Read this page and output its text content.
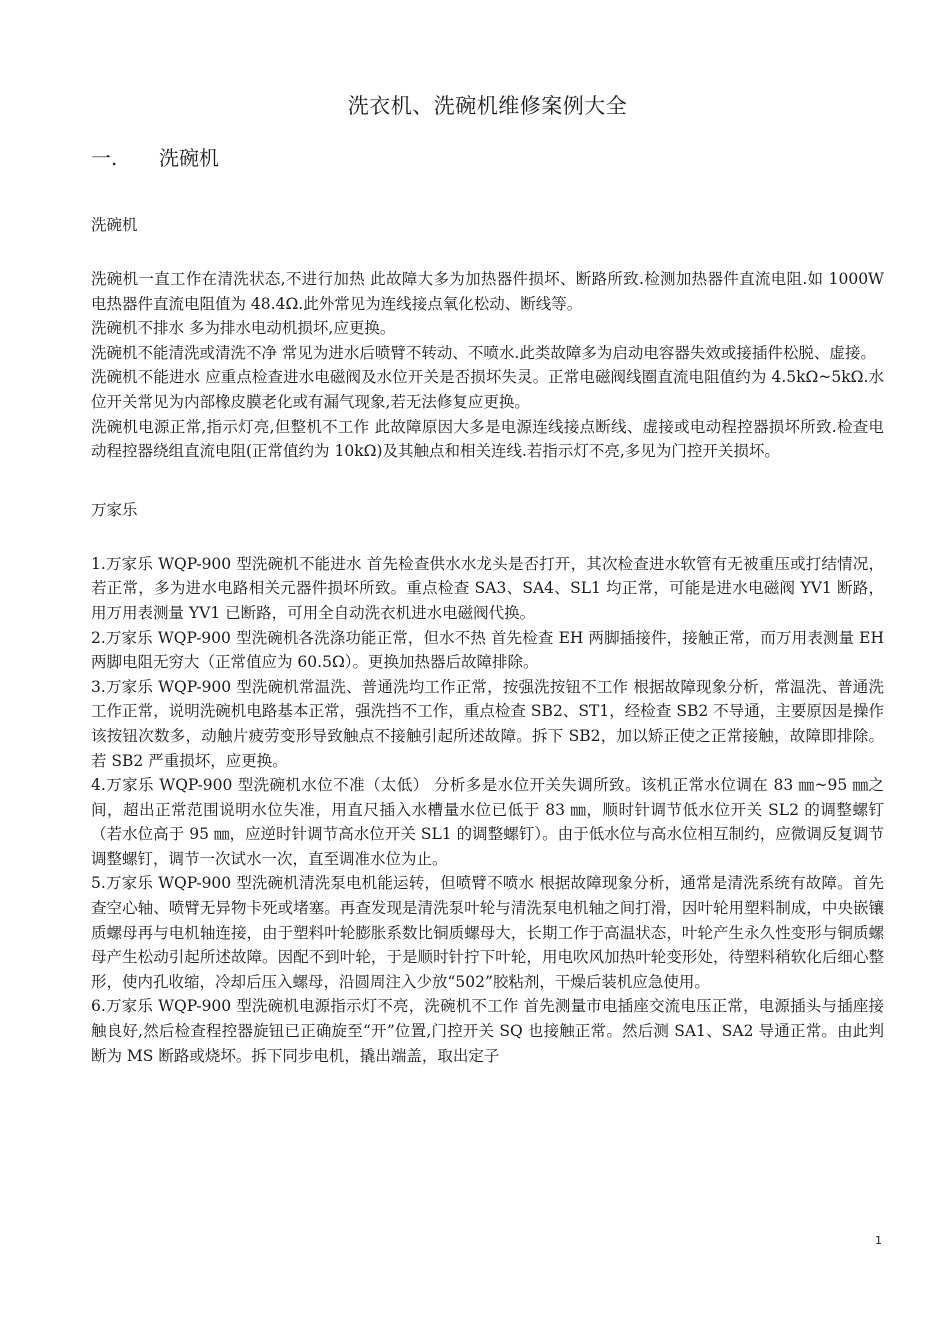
洗衣机、洗碗机维修案例大全
一. 洗碗机
洗碗机

洗碗机一直工作在清洗状态,不进行加热 此故障大多为加热器件损坏、断路所致.检测加热器件直流电阻.如 1000W 电热器件直流电阻值为 48.4Ω.此外常见为连线接点氧化松动、断线等。

洗碗机不排水 多为排水电动机损坏,应更换。

洗碗机不能清洗或清洗不净 常见为进水后喷臂不转动、不喷水.此类故障多为启动电容器失效或接插件松脱、虚接。

洗碗机不能进水 应重点检查进水电磁阀及水位开关是否损坏失灵。正常电磁阀线圈直流电阻值约为 4.5kΩ~5kΩ.水位开关常见为内部橡皮膜老化或有漏气现象,若无法修复应更换。

洗碗机电源正常,指示灯亮,但整机不工作 此故障原因大多是电源连线接点断线、虚接或电动程控器损坏所致.检查电动程控器绕组直流电阻(正常值约为 10kΩ)及其触点和相关连线.若指示灯不亮,多见为门控开关损坏。

万家乐

1.万家乐 WQP-900 型洗碗机不能进水 首先检查供水水龙头是否打开，其次检查进水软管有无被重压或打结情况，若正常，多为进水电路相关元器件损坏所致。重点检查 SA3、SA4、SL1 均正常，可能是进水电磁阀 YV1 断路，用万用表测量 YV1 已断路，可用全自动洗衣机进水电磁阀代换。

2.万家乐 WQP-900 型洗碗机各洗涤功能正常，但水不热 首先检查 EH 两脚插接件，接触正常，而万用表测量 EH 两脚电阻无穷大（正常值应为 60.5Ω）。更换加热器后故障排除。

3.万家乐 WQP-900 型洗碗机常温洗、普通洗均工作正常，按强洗按钮不工作 根据故障现象分析，常温洗、普通洗工作正常，说明洗碗机电路基本正常，强洗挡不工作，重点检查 SB2、ST1，经检查 SB2 不导通，主要原因是操作该按钮次数多，动触片疲劳变形导致触点不接触引起所述故障。拆下 SB2，加以矫正使之正常接触，故障即排除。若 SB2 严重损坏，应更换。

4.万家乐 WQP-900 型洗碗机水位不准（太低） 分析多是水位开关失调所致。该机正常水位调在 83 ㎜~95 ㎜之间，超出正常范围说明水位失准，用直尺插入水槽量水位已低于 83 ㎜，顺时针调节低水位开关 SL2 的调整螺钉（若水位高于 95 ㎜，应逆时针调节高水位开关 SL1 的调整螺钉）。由于低水位与高水位相互制约，应微调反复调节调整螺钉，调节一次试水一次，直至调准水位为止。

5.万家乐 WQP-900 型洗碗机清洗泵电机能运转，但喷臂不喷水 根据故障现象分析，通常是清洗系统有故障。首先查空心轴、喷臂无异物卡死或堵塞。再查发现是清洗泵叶轮与清洗泵电机轴之间打滑，因叶轮用塑料制成，中央嵌镶质螺母再与电机轴连接，由于塑料叶轮膨胀系数比铜质螺母大，长期工作于高温状态，叶轮产生永久性变形与铜质螺母产生松动引起所述故障。因配不到叶轮，于是顺时针拧下叶轮，用电吹风加热叶轮变形处，待塑料稍软化后细心整形，使内孔收缩，冷却后压入螺母，沿圆周注入少放“502”胶粘剂，干燥后装机应急使用。

6.万家乐 WQP-900 型洗碗机电源指示灯不亮，洗碗机不工作 首先测量市电插座交流电压正常，电源插头与插座接触良好,然后检查程控器旋钮已正确旋至“开”位置,门控开关 SQ 也接触正常。然后测 SA1、SA2 导通正常。由此判断为 MS 断路或烧坏。拆下同步电机，撬出端盖，取出定子

1
